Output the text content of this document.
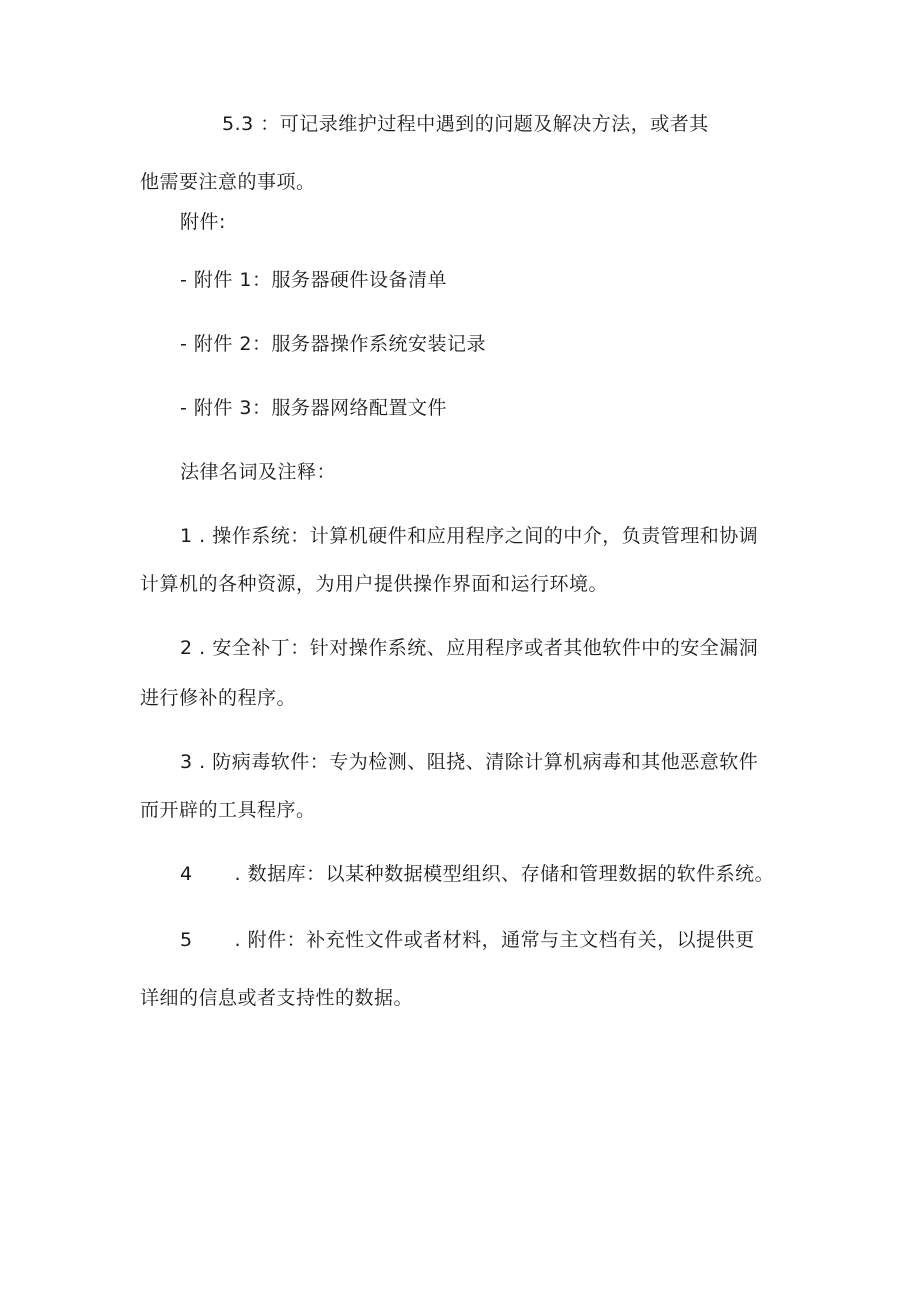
5.3 ：可记录维护过程中遇到的问题及解决方法，或者其
他需要注意的事项。
附件:
- 附件 1：服务器硬件设备清单
- 附件 2：服务器操作系统安装记录
- 附件 3：服务器网络配置文件
法律名词及注释：
1 . 操作系统：计算机硬件和应用程序之间的中介，负责管理和协调
计算机的各种资源，为用户提供操作界面和运行环境。
2 . 安全补丁：针对操作系统、应用程序或者其他软件中的安全漏洞
进行修补的程序。
3 . 防病毒软件：专为检测、阻挠、清除计算机病毒和其他恶意软件
而开辟的工具程序。
4 . 数据库：以某种数据模型组织、存储和管理数据的软件系统。
5 . 附件：补充性文件或者材料，通常与主文档有关，以提供更
详细的信息或者支持性的数据。
